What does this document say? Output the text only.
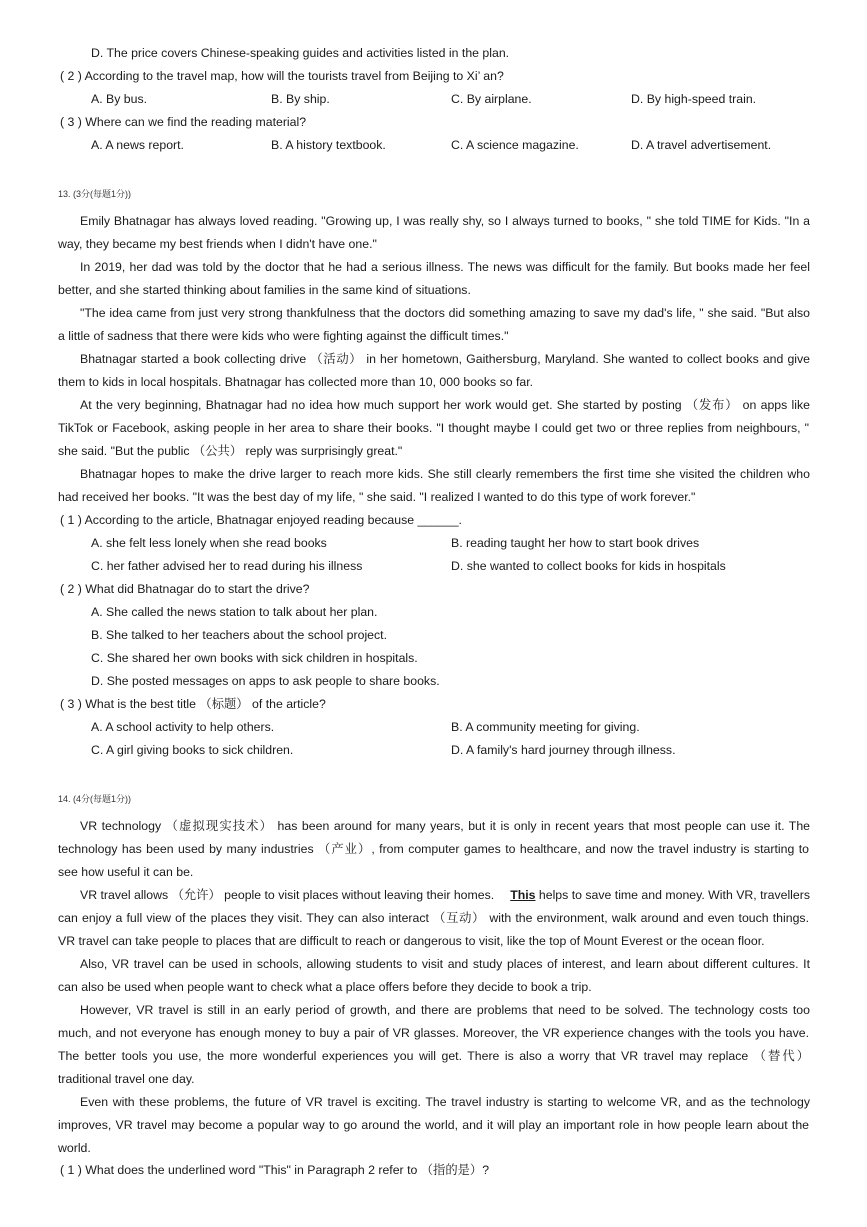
D. The price covers Chinese-speaking guides and activities listed in the plan.
( 2 ) According to the travel map, how will the tourists travel from Beijing to Xi’ an?
A. By bus.	B. By ship.	C. By airplane.	D. By high-speed train.
( 3 ) Where can we find the reading material?
A. A news report.	B. A history textbook.	C. A science magazine.	D. A travel advertisement.
13. (3分(每题1分))
Emily Bhatnagar has always loved reading. "Growing up, I was really shy, so I always turned to books, " she told TIME for Kids. "In a
way, they became my best friends when I didn't have one."
In 2019, her dad was told by the doctor that he had a serious illness. The news was difficult for the family. But books made her feel
better, and she started thinking about families in the same kind of situations.
"The idea came from just very strong thankfulness that the doctors did something amazing to save my dad's life, " she said. "But also
a little of sadness that there were kids who were fighting against the difficult times."
Bhatnagar started a book collecting drive （活动） in her hometown, Gaithersburg, Maryland. She wanted to collect books and give
them to kids in local hospitals. Bhatnagar has collected more than 10, 000 books so far.
At the very beginning, Bhatnagar had no idea how much support her work would get. She started by posting （发布） on apps like
TikTok or Facebook, asking people in her area to share their books. "I thought maybe I could get two or three replies from neighbours, "
she said. "But the public （公共） reply was surprisingly great."
Bhatnagar hopes to make the drive larger to reach more kids. She still clearly remembers the first time she visited the children who
had received her books. "It was the best day of my life, " she said. "I realized I wanted to do this type of work forever."
( 1 ) According to the article, Bhatnagar enjoyed reading because ______.
A. she felt less lonely when she read books	B. reading taught her how to start book drives
C. her father advised her to read during his illness	D. she wanted to collect books for kids in hospitals
( 2 ) What did Bhatnagar do to start the drive?
A. She called the news station to talk about her plan.
B. She talked to her teachers about the school project.
C. She shared her own books with sick children in hospitals.
D. She posted messages on apps to ask people to share books.
( 3 ) What is the best title （标题） of the article?
A. A school activity to help others.	B. A community meeting for giving.
C. A girl giving books to sick children.	D. A family's hard journey through illness.
14. (4分(每题1分))
VR technology （虚拟现实技术） has been around for many years, but it is only in recent years that most people can use it. The
technology has been used by many industries （产业）, from computer games to healthcare, and now the travel industry is starting to
see how useful it can be.
VR travel allows （允许） people to visit places without leaving their homes. This helps to save time and money. With VR, travellers
can enjoy a full view of the places they visit. They can also interact （互动） with the environment, walk around and even touch things.
VR travel can take people to places that are difficult to reach or dangerous to visit, like the top of Mount Everest or the ocean floor.
Also, VR travel can be used in schools, allowing students to visit and study places of interest, and learn about different cultures. It
can also be used when people want to check what a place offers before they decide to book a trip.
However, VR travel is still in an early period of growth, and there are problems that need to be solved. The technology costs too
much, and not everyone has enough money to buy a pair of VR glasses. Moreover, the VR experience changes with the tools you have.
The better tools you use, the more wonderful experiences you will get. There is also a worry that VR travel may replace （替代）
traditional travel one day.
Even with these problems, the future of VR travel is exciting. The travel industry is starting to welcome VR, and as the technology
improves, VR travel may become a popular way to go around the world, and it will play an important role in how people learn about the
world.
( 1 ) What does the underlined word "This" in Paragraph 2 refer to （指的是）?
